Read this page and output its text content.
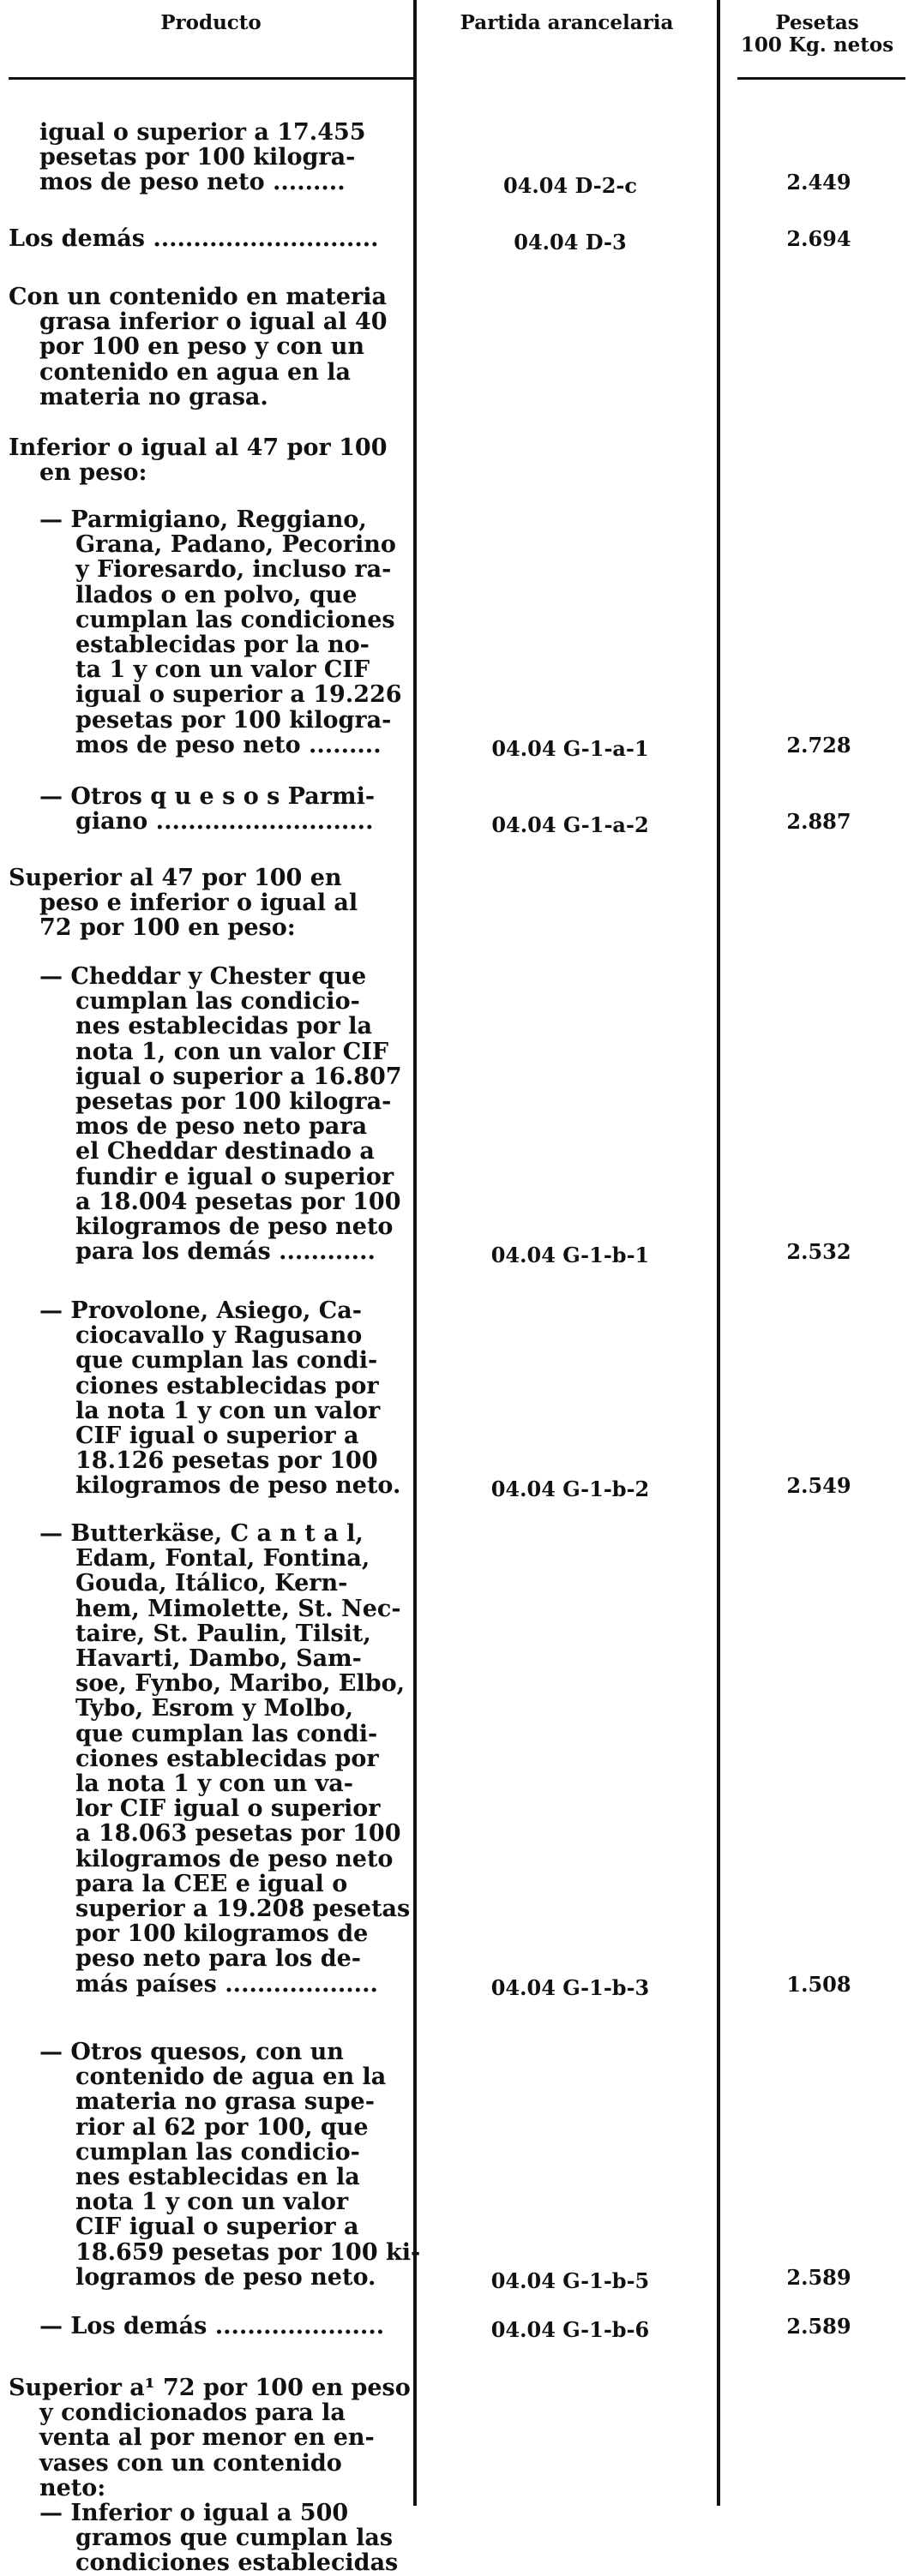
Producto	Partida arancelaria	Pesetas
100 Kg. netos
igual o superior a 17.455
pesetas por 100 kilogra-
mos de peso neto .........	04.04 D-2-c	2.449
Los demás ............................	04.04 D-3	2.694
Con un contenido en materia
grasa inferior o igual al 40
por 100 en peso y con un
contenido en agua en la
materia no grasa.
Inferior o igual al 47 por 100
en peso:
— Parmigiano, Reggiano,
Grana, Padano, Pecorino
y Fioresardo, incluso ra-
llados o en polvo, que
cumplan las condiciones
establecidas por la no-
ta 1 y con un valor CIF
igual o superior a 19.226
pesetas por 100 kilogra-
mos de peso neto .........	04.04 G-1-a-1	2.728
— Otros q u e s o s Parmi-
giano ...........................	04.04 G-1-a-2	2.887
Superior al 47 por 100 en
peso e inferior o igual al
72 por 100 en peso:
— Cheddar y Chester que
cumplan las condicio-
nes establecidas por la
nota 1, con un valor CIF
igual o superior a 16.807
pesetas por 100 kilogra-
mos de peso neto para
el Cheddar destinado a
fundir e igual o superior
a 18.004 pesetas por 100
kilogramos de peso neto
para los demás ............	04.04 G-1-b-1	2.532
— Provolone, Asiego, Ca-
ciocavallo y Ragusano
que cumplan las condi-
ciones establecidas por
la nota 1 y con un valor
CIF igual o superior a
18.126 pesetas por 100
kilogramos de peso neto.	04.04 G-1-b-2	2.549
— Butterkäse, C a n t a l,
Edam, Fontal, Fontina,
Gouda, Itálico, Kern-
hem, Mimolette, St. Nec-
taire, St. Paulin, Tilsit,
Havarti, Dambo, Sam-
soe, Fynbo, Maribo, Elbo,
Tybo, Esrom y Molbo,
que cumplan las condi-
ciones establecidas por
la nota 1 y con un va-
lor CIF igual o superior
a 18.063 pesetas por 100
kilogramos de peso neto
para la CEE e igual o
superior a 19.208 pesetas
por 100 kilogramos de
peso neto para los de-
más países ...................	04.04 G-1-b-3	1.508
— Otros quesos, con un
contenido de agua en la
materia no grasa supe-
rior al 62 por 100, que
cumplan las condicio-
nes establecidas en la
nota 1 y con un valor
CIF igual o superior a
18.659 pesetas por 100 ki-
logramos de peso neto.	04.04 G-1-b-5	2.589
— Los demás .....................	04.04 G-1-b-6	2.589
Superior a¹ 72 por 100 en peso
y condicionados para la
venta al por menor en en-
vases con un contenido
neto:
— Inferior o igual a 500
gramos que cumplan las
condiciones establecidas
